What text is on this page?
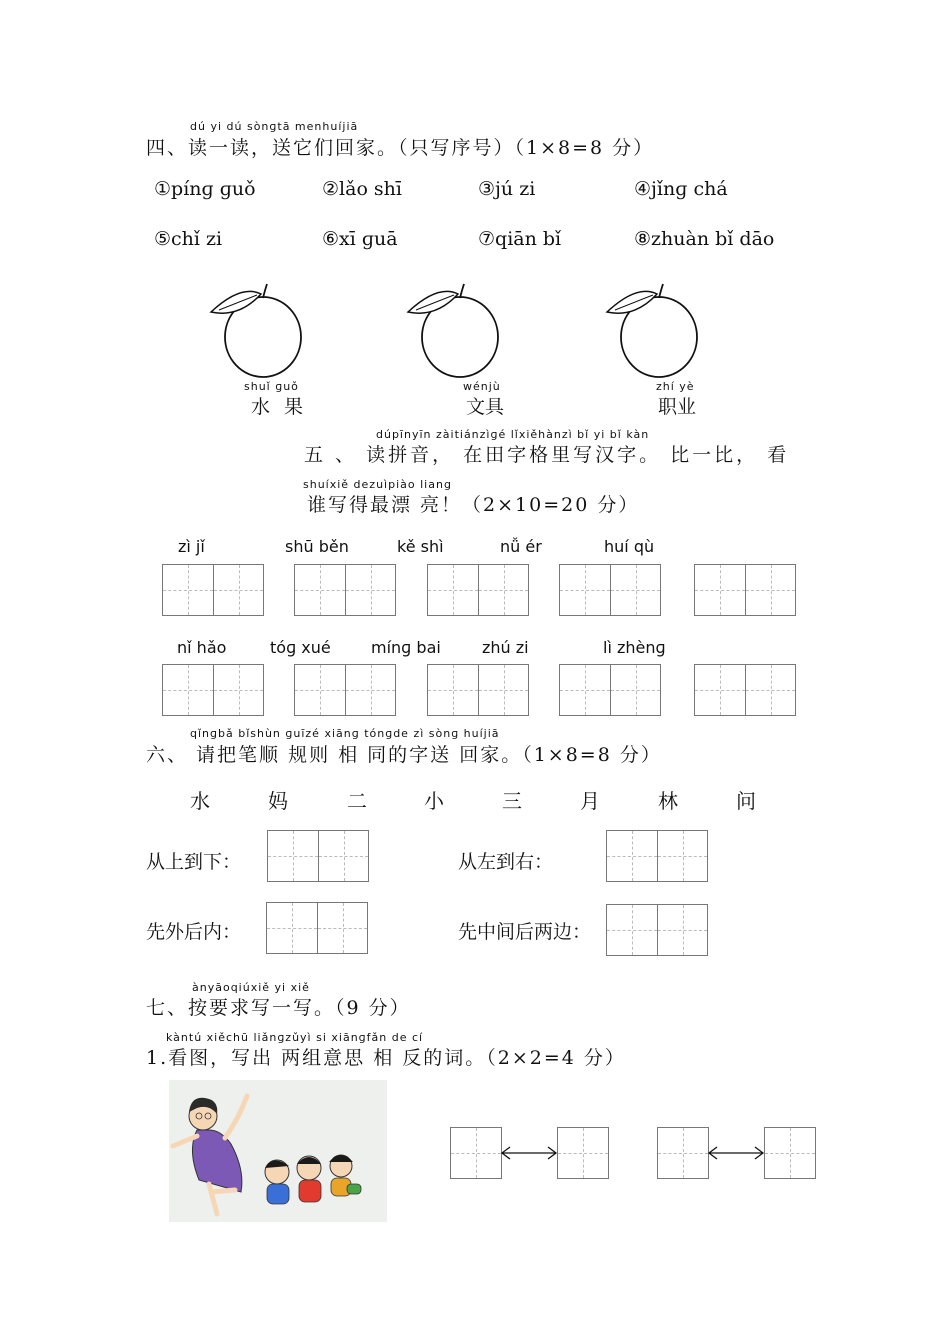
dú yi dú sònɡtā menhuíjiā
四、读一读，送它们回家。（只写序号）（1×8=8 分）
①pínɡ ɡuǒ	②lǎo shī	③jú zi	④jǐnɡ chá
⑤chǐ zi	⑥xī ɡuā	⑦qiān bǐ	⑧zhuàn bǐ dāo
shuǐ ɡuǒ
水 果
wénjù
文具
zhí yè
职业
dúpīnyīn zàitiánzìɡé lǐxiěhànzì bǐ yi bǐ kàn
五 、 读拼音， 在田字格里写汉字。 比一比， 看
shuíxiě dezuìpiào liang
谁写得最漂 亮！（2×10=20 分）
zì jǐ	shū běn	kě shì	nǚ ér	huí qù
nǐ hǎo	tóɡ xué	mínɡ bai	zhú zi	lì zhènɡ
qǐnɡbǎ bǐshùn ɡuīzé xiānɡ tónɡde zì sònɡ huíjiā
六、 请把笔顺 规则 相 同的字送 回家。（1×8=8 分）
水	妈	二	小	三	月	林	问
从上到下：	从左到右：
先外后内：	先中间后两边：
ànyāoqiúxiě yi xiě
七、按要求写一写。（9 分）
kàntú xiěchū liǎnɡzǔyì si xiānɡfǎn de cí
1.看图，写出 两组意思 相 反的词。（2×2=4 分）
